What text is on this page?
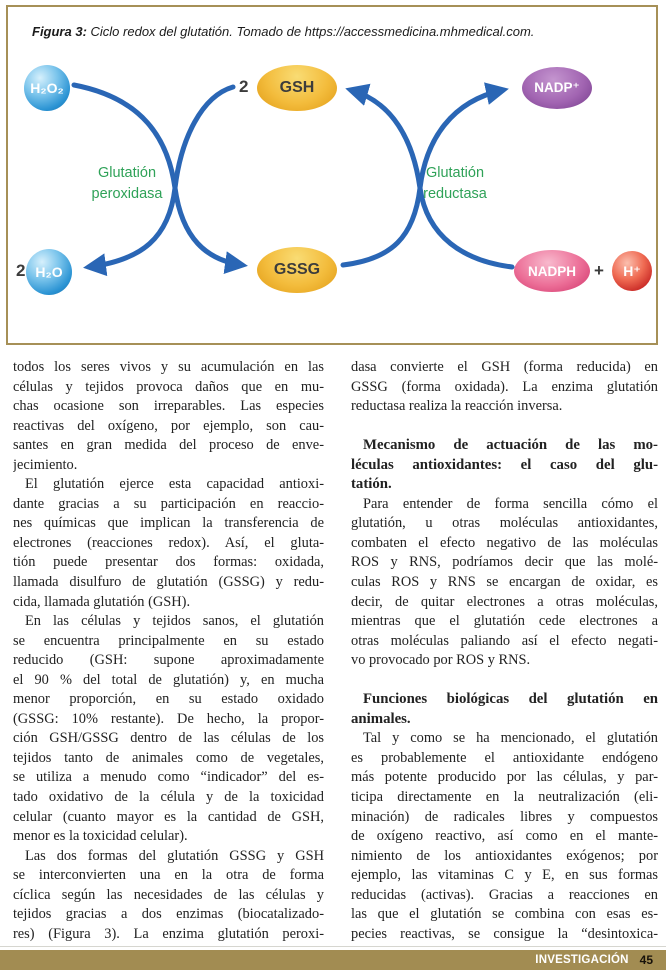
Figura 3: Ciclo redox del glutatión. Tomado de https://accessmedicina.mhmedical.com.
H₂O₂	2 GSH	NADP⁺
Glutatión
peroxidasa
Glutatión
reductasa
2 H₂O	GSSG	NADPH + H⁺
todos los seres vivos y su acumulación en las
células y tejidos provoca daños que en mu-
chas ocasione son irreparables. Las especies
reactivas del oxígeno, por ejemplo, son cau-
santes en gran medida del proceso de enve-
jecimiento.
El glutatión ejerce esta capacidad antioxi-
dante gracias a su participación en reaccio-
nes químicas que implican la transferencia de
electrones (reacciones redox). Así, el gluta-
tión puede presentar dos formas: oxidada,
llamada disulfuro de glutatión (GSSG) y redu-
cida, llamada glutatión (GSH).
En las células y tejidos sanos, el glutatión
se encuentra principalmente en su estado
reducido (GSH: supone aproximadamente
el 90 % del total de glutatión) y, en mucha
menor proporción, en su estado oxidado
(GSSG: 10% restante). De hecho, la propor-
ción GSH/GSSG dentro de las células de los
tejidos tanto de animales como de vegetales,
se utiliza a menudo como “indicador” del es-
tado oxidativo de la célula y de la toxicidad
celular (cuanto mayor es la cantidad de GSH,
menor es la toxicidad celular).
Las dos formas del glutatión GSSG y GSH
se interconvierten una en la otra de forma
cíclica según las necesidades de las células y
tejidos gracias a dos enzimas (biocatalizado-
res) (Figura 3). La enzima glutatión peroxi-
dasa convierte el GSH (forma reducida) en
GSSG (forma oxidada). La enzima glutatión
reductasa realiza la reacción inversa.

Mecanismo de actuación de las mo-
léculas antioxidantes: el caso del glu-
tatión.
Para entender de forma sencilla cómo el
glutatión, u otras moléculas antioxidantes,
combaten el efecto negativo de las moléculas
ROS y RNS, podríamos decir que las molé-
culas ROS y RNS se encargan de oxidar, es
decir, de quitar electrones a otras moléculas,
mientras que el glutatión cede electrones a
otras moléculas paliando así el efecto negati-
vo provocado por ROS y RNS.

Funciones biológicas del glutatión en
animales.
Tal y como se ha mencionado, el glutatión
es probablemente el antioxidante endógeno
más potente producido por las células, y par-
ticipa directamente en la neutralización (eli-
minación) de radicales libres y compuestos
de oxígeno reactivo, así como en el mante-
nimiento de los antioxidantes exógenos; por
ejemplo, las vitaminas C y E, en sus formas
reducidas (activas). Gracias a reacciones en
las que el glutatión se combina con esas es-
pecies reactivas, se consigue la “desintoxica-
INVESTIGACIÓN 45
